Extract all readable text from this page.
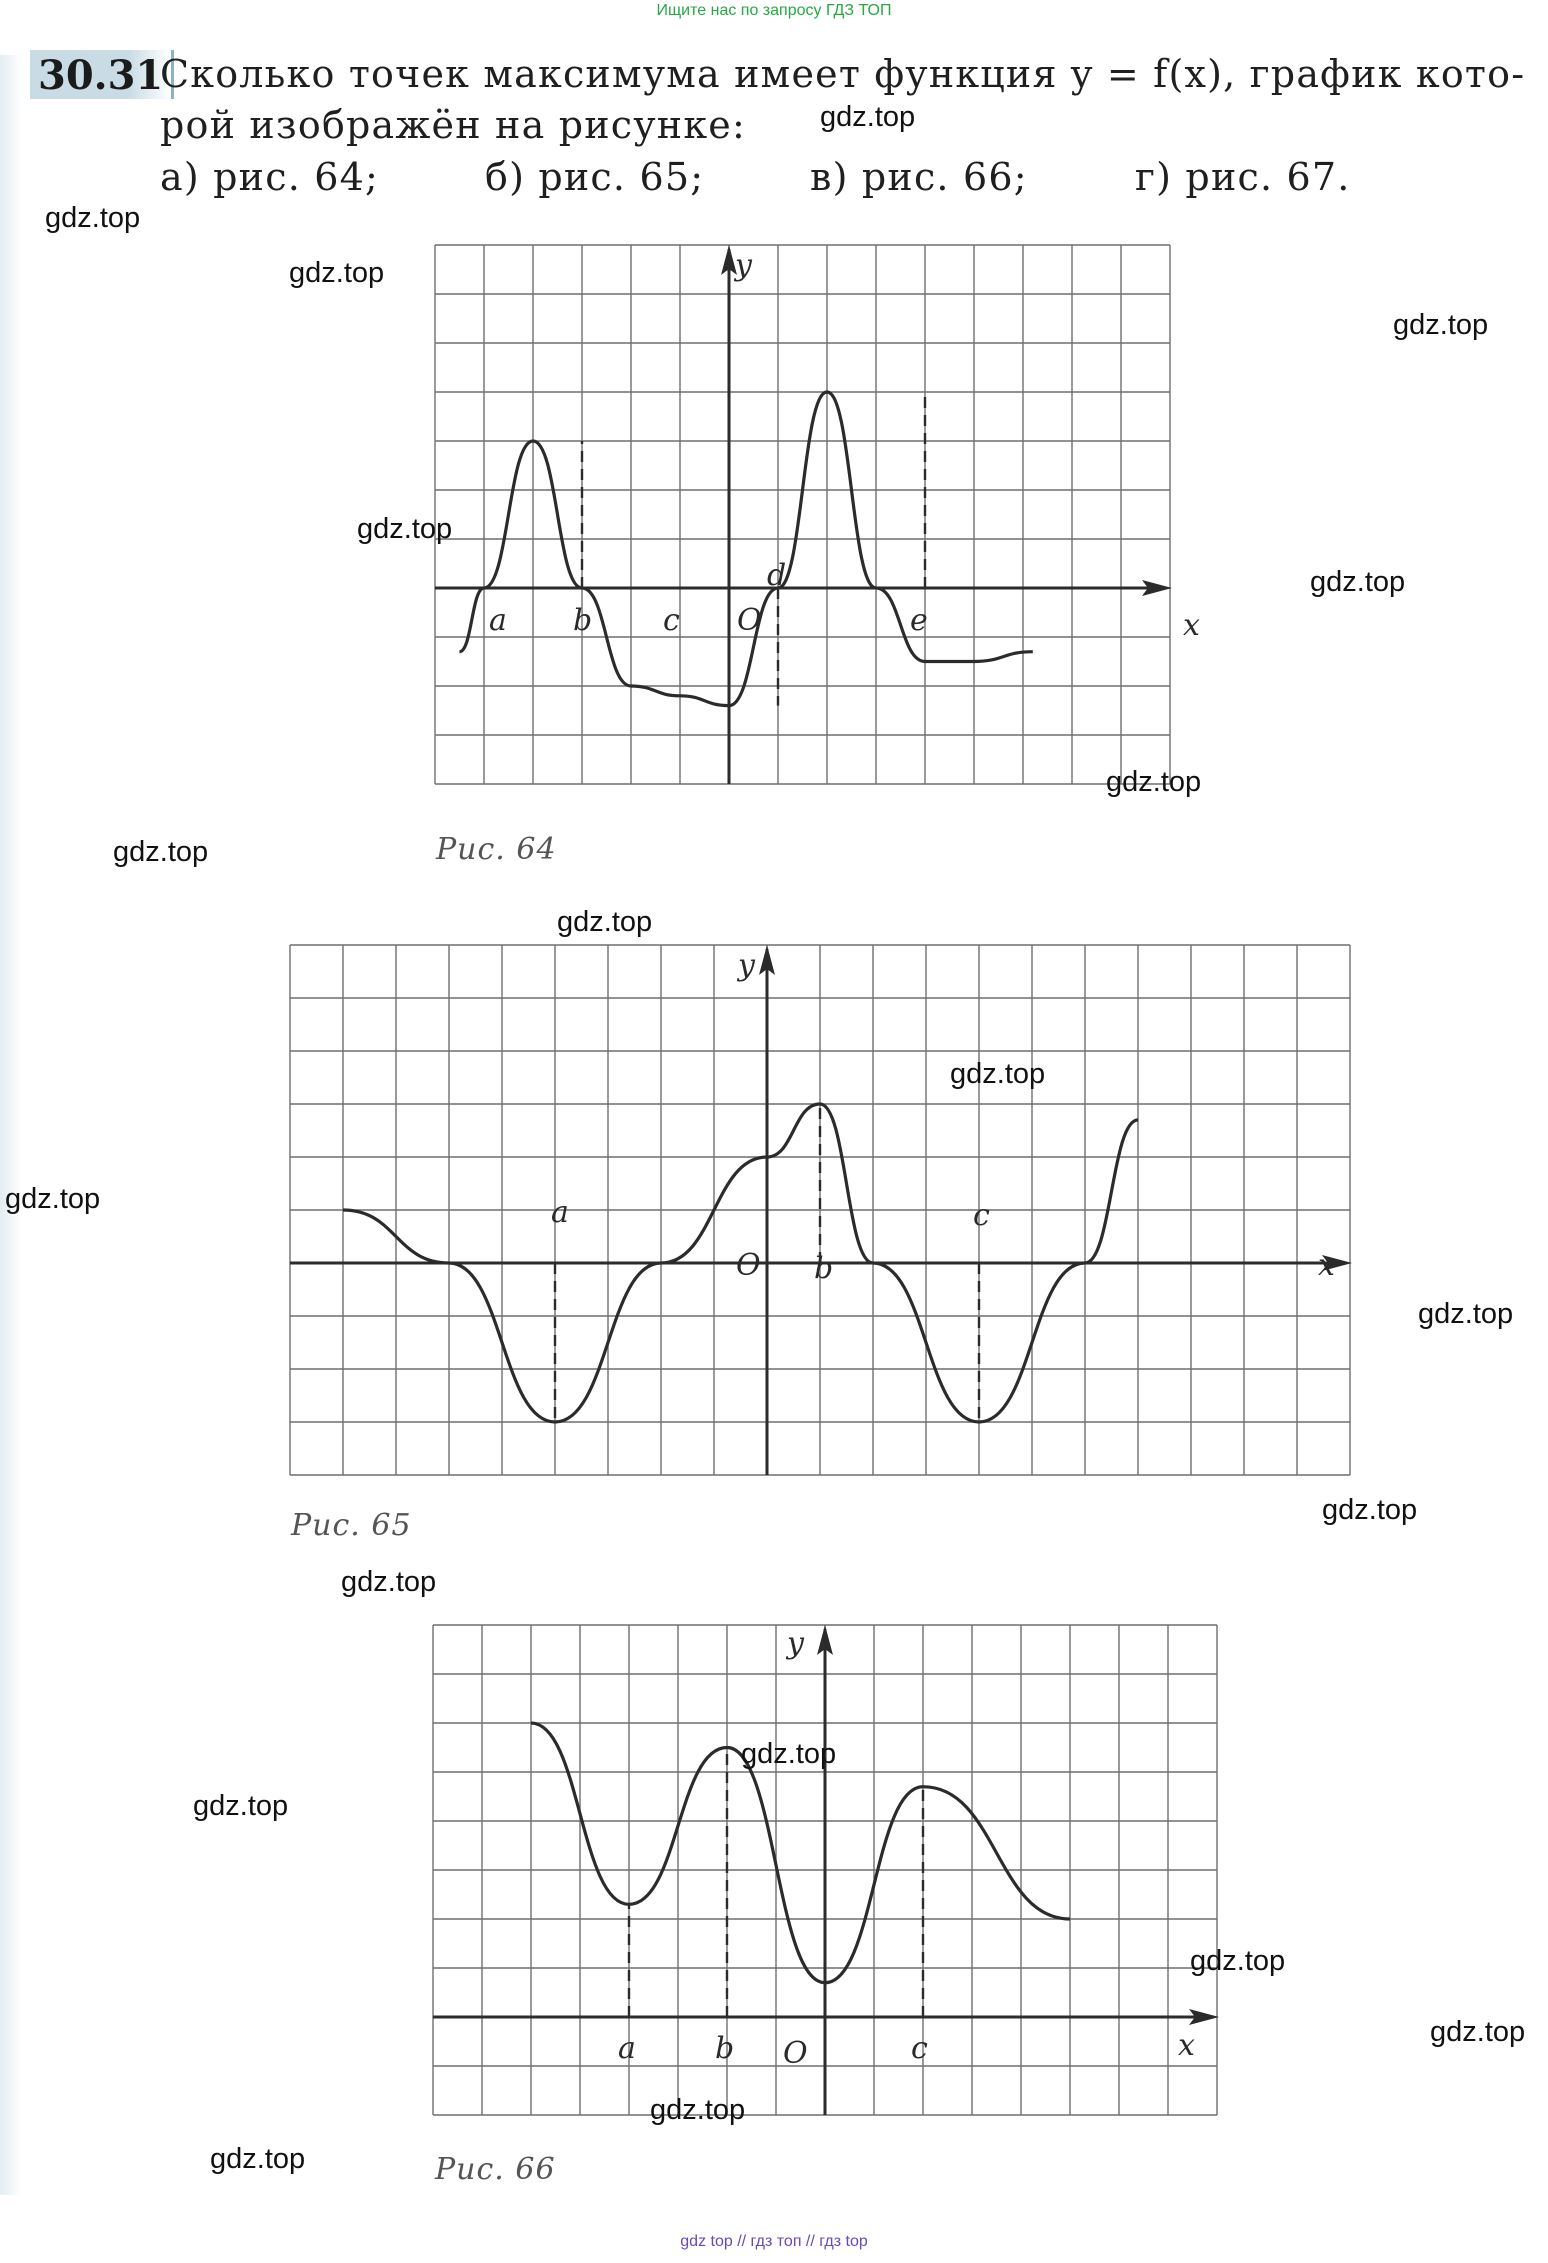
Ищите нас по запросу ГДЗ ТОП
30.31
Сколько точек максимума имеет функция y = f(x), график кото-
рой изображён на рисунке:
а) рис. 64;	б) рис. 65;	в) рис. 66;	г) рис. 67.
y
x
O
a b c
d
e
Рис. 64
y
x
O
a
b
c
Рис. 65
y
x
O
a	b	c
Рис. 66
gdz.top
gdz.top
gdz.top
gdz.top
gdz.top
gdz.top
gdz.top
gdz.top
gdz.top
gdz.top
gdz.top
gdz.top
gdz.top
gdz.top
gdz.top
gdz.top
gdz.top
gdz.top
gdz.top
gdz.top
gdz top // гдз топ // гдз top
